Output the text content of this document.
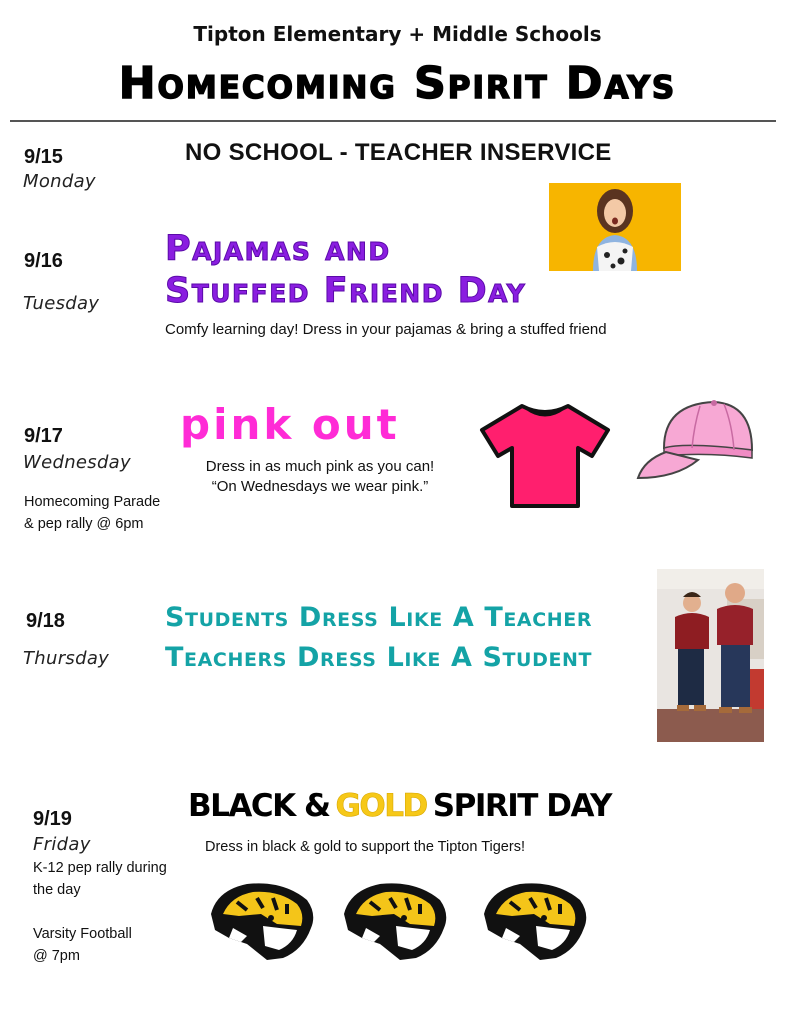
Tipton Elementary + Middle Schools
Homecoming Spirit Days
9/15
Monday
NO SCHOOL - TEACHER INSERVICE
9/16
Tuesday
Pajamas and
Stuffed Friend Day
Comfy learning day! Dress in your pajamas & bring a stuffed friend
9/17
Wednesday
Homecoming Parade
& pep rally @ 6pm
pink out
Dress in as much pink as you can!
“On Wednesdays we wear pink.”
9/18
Thursday
Students Dress Like A Teacher
Teachers Dress Like A Student
9/19
Friday
K-12 pep rally during
the day
Varsity Football
@ 7pm
BLACK & GOLD SPIRIT DAY
Dress in black & gold to support the Tipton Tigers!
